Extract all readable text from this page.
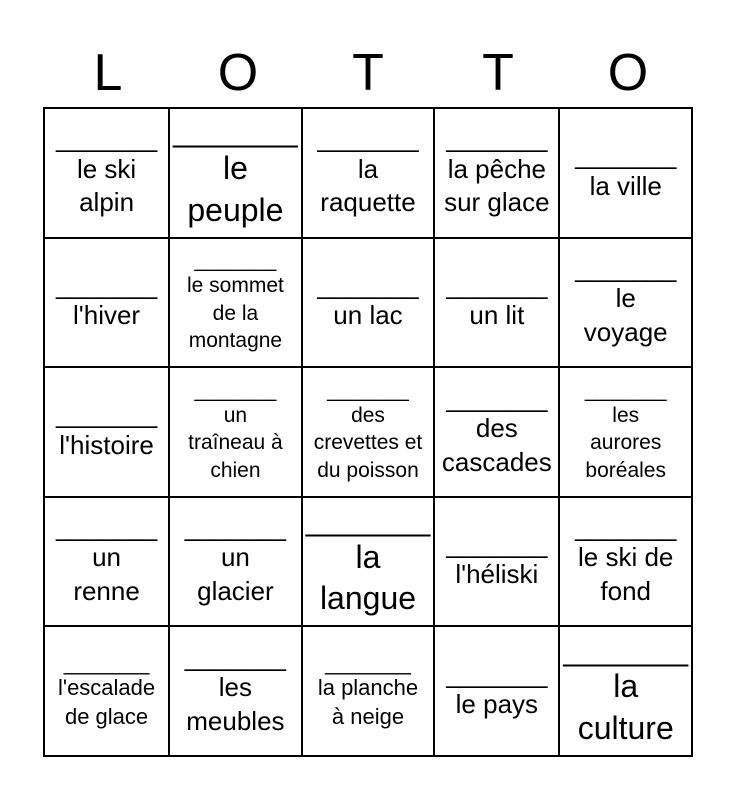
L	O	T	T	O
_______
le ski
alpin
_______
le
peuple
_______
la
raquette
_______
la pêche
sur glace
_______
la ville
_______
l'hiver
_______
le sommet
de la
montagne
_______
un lac
_______
un lit
_______
le
voyage
_______
l'histoire
_______
un
traîneau à
chien
_______
des
crevettes et
du poisson
_______
des
cascades
_______
les
aurores
boréales
_______
un
renne
_______
un
glacier
_______
la
langue
_______
l'héliski
_______
le ski de
fond
_______
l'escalade
de glace
_______
les
meubles
_______
la planche
à neige
_______
le pays
_______
la
culture
